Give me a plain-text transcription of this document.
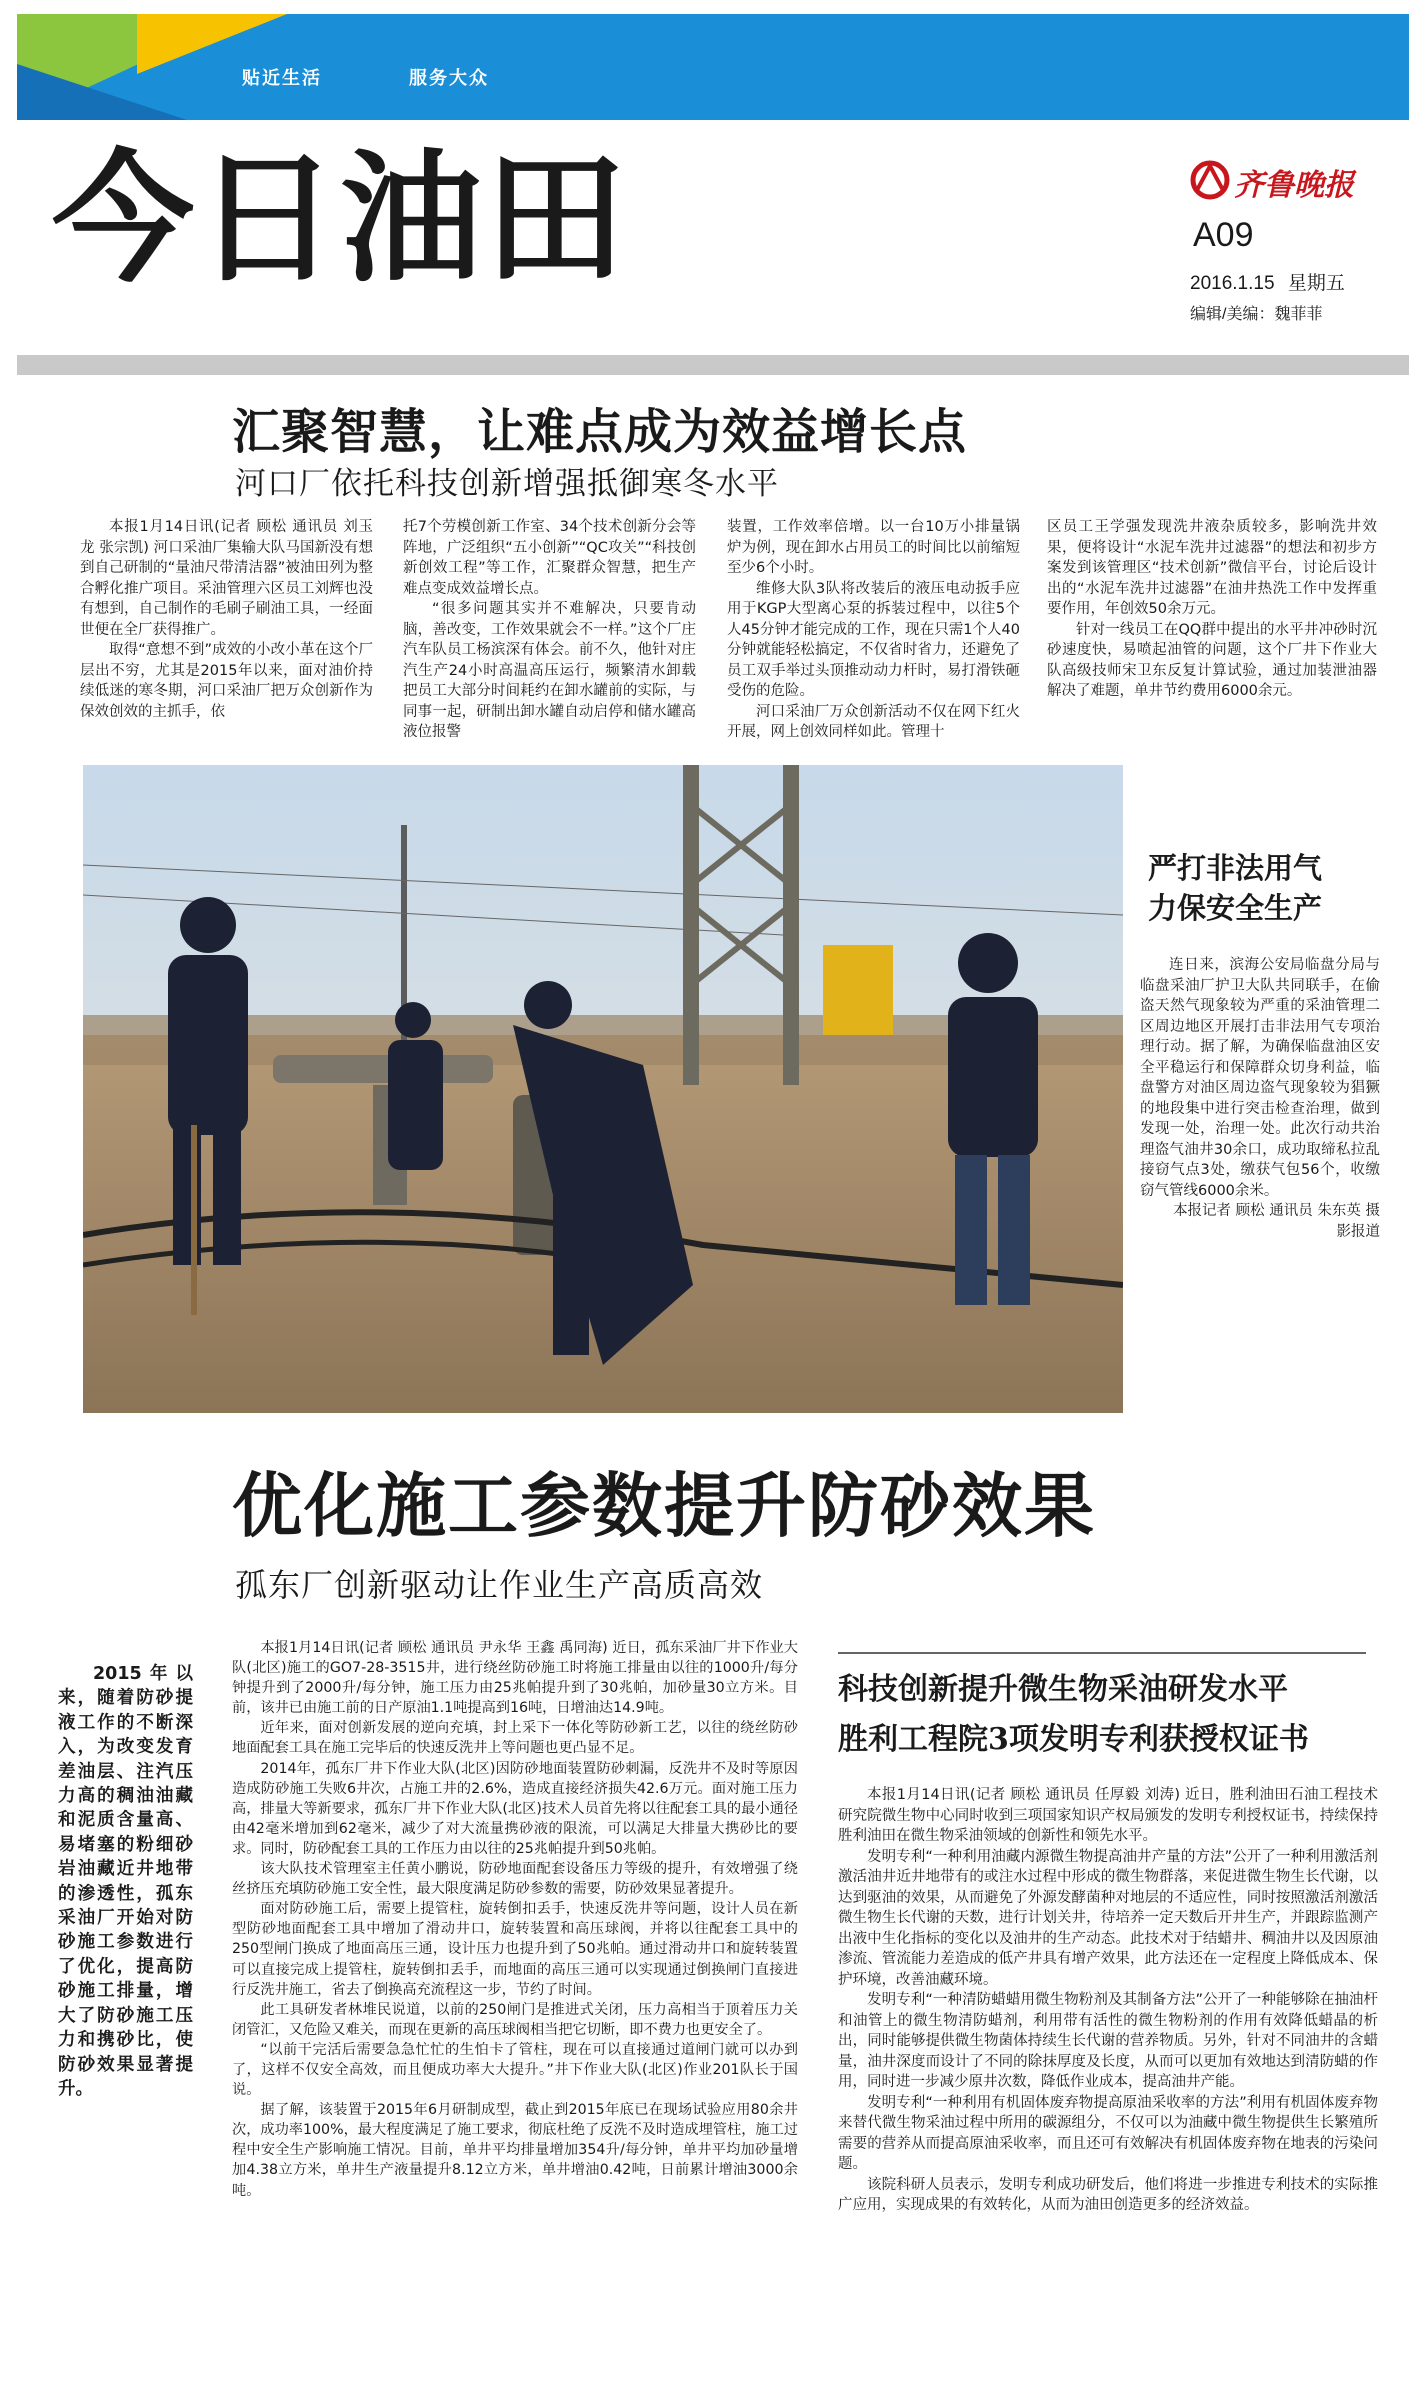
贴近生活	服务大众
今日油田	齐鲁晚报
A09
2016.1.15 星期五
编辑/美编：魏菲菲
汇聚智慧，让难点成为效益增长点
河口厂依托科技创新增强抵御寒冬水平

本报1月14日讯(记者 顾松 通讯员 刘玉龙 张宗凯) 河口采油厂集输大队马国新没有想到自己研制的“量油尺带清洁器”被油田列为整合孵化推广项目。采油管理六区员工刘辉也没有想到，自己制作的毛刷子刷油工具，一经面世便在全厂获得推广。

取得“意想不到”成效的小改小革在这个厂层出不穷，尤其是2015年以来，面对油价持续低迷的寒冬期，河口采油厂把万众创新作为保效创效的主抓手，依

托7个劳模创新工作室、34个技术创新分会等阵地，广泛组织“五小创新”“QC攻关”“科技创新创效工程”等工作，汇聚群众智慧，把生产难点变成效益增长点。

“很多问题其实并不难解决，只要肯动脑，善改变，工作效果就会不一样。”这个厂庄汽车队员工杨滨深有体会。前不久，他针对庄汽生产24小时高温高压运行，频繁清水卸载把员工大部分时间耗约在卸水罐前的实际，与同事一起，研制出卸水罐自动启停和储水罐高液位报警

装置，工作效率倍增。以一台10万小排量锅炉为例，现在卸水占用员工的时间比以前缩短至少6个小时。

维修大队3队将改装后的液压电动扳手应用于KGP大型离心泵的拆装过程中，以往5个人45分钟才能完成的工作，现在只需1个人40分钟就能轻松搞定，不仅省时省力，还避免了员工双手举过头顶推动动力杆时，易打滑铁砸受伤的危险。

河口采油厂万众创新活动不仅在网下红火开展，网上创效同样如此。管理十

区员工王学强发现洗井液杂质较多，影响洗井效果，便将设计“水泥车洗井过滤器”的想法和初步方案发到该管理区“技术创新”微信平台，讨论后设计出的“水泥车洗井过滤器”在油井热洗工作中发挥重要作用，年创效50余万元。

针对一线员工在QQ群中提出的水平井冲砂时沉砂速度快，易喷起油管的问题，这个厂井下作业大队高级技师宋卫东反复计算试验，通过加装泄油器解决了难题，单井节约费用6000余元。

严打非法用气
力保安全生产

连日来，滨海公安局临盘分局与临盘采油厂护卫大队共同联手，在偷盗天然气现象较为严重的采油管理二区周边地区开展打击非法用气专项治理行动。据了解，为确保临盘油区安全平稳运行和保障群众切身利益，临盘警方对油区周边盗气现象较为猖獗的地段集中进行突击检查治理，做到发现一处，治理一处。此次行动共治理盗气油井30余口，成功取缔私拉乱接窃气点3处，缴获气包56个，收缴窃气管线6000余米。

本报记者 顾松 通讯员 朱东英 摄影报道

优化施工参数提升防砂效果
孤东厂创新驱动让作业生产高质高效

2015年以来，随着防砂提液工作的不断深入，为改变发育差油层、注汽压力高的稠油油藏和泥质含量高、易堵塞的粉细砂岩油藏近井地带的渗透性，孤东采油厂开始对防砂施工参数进行了优化，提高防砂施工排量，增大了防砂施工压力和携砂比，使防砂效果显著提升。

本报1月14日讯(记者 顾松 通讯员 尹永华 王鑫 禹同海) 近日，孤东采油厂井下作业大队(北区)施工的GO7-28-3515井，进行绕丝防砂施工时将施工排量由以往的1000升/每分钟提升到了2000升/每分钟，施工压力由25兆帕提升到了30兆帕，加砂量30立方米。目前，该井已由施工前的日产原油1.1吨提高到16吨，日增油达14.9吨。

近年来，面对创新发展的逆向充填，封上采下一体化等防砂新工艺，以往的绕丝防砂地面配套工具在施工完毕后的快速反洗井上等问题也更凸显不足。

2014年，孤东厂井下作业大队(北区)因防砂地面装置防砂刺漏，反洗井不及时等原因造成防砂施工失败6井次，占施工井的2.6%，造成直接经济损失42.6万元。面对施工压力高，排量大等新要求，孤东厂井下作业大队(北区)技术人员首先将以往配套工具的最小通径由42毫米增加到62毫米，减少了对大流量携砂液的限流，可以满足大排量大携砂比的要求。同时，防砂配套工具的工作压力由以往的25兆帕提升到50兆帕。

该大队技术管理室主任黄小鹏说，防砂地面配套设备压力等级的提升，有效增强了绕丝挤压充填防砂施工安全性，最大限度满足防砂参数的需要，防砂效果显著提升。

面对防砂施工后，需要上提管柱，旋转倒扣丢手，快速反洗井等问题，设计人员在新型防砂地面配套工具中增加了滑动井口，旋转装置和高压球阀，并将以往配套工具中的250型闸门换成了地面高压三通，设计压力也提升到了50兆帕。通过滑动井口和旋转装置可以直接完成上提管柱，旋转倒扣丢手，而地面的高压三通可以实现通过倒换闸门直接进行反洗井施工，省去了倒换高充流程这一步，节约了时间。

此工具研发者林堆民说道，以前的250闸门是推进式关闭，压力高相当于顶着压力关闭管汇，又危险又难关，而现在更新的高压球阀相当把它切断，即不费力也更安全了。

“以前干完活后需要急急忙忙的生怕卡了管柱，现在可以直接通过道闸门就可以办到了，这样不仅安全高效，而且便成功率大大提升。”井下作业大队(北区)作业201队长于国说。

据了解，该装置于2015年6月研制成型，截止到2015年底已在现场试验应用80余井次，成功率100%，最大程度满足了施工要求，彻底杜绝了反洗不及时造成埋管柱，施工过程中安全生产影响施工情况。目前，单井平均排量增加354升/每分钟，单井平均加砂量增加4.38立方米，单井生产液量提升8.12立方米，单井增油0.42吨，日前累计增油3000余吨。

科技创新提升微生物采油研发水平
胜利工程院3项发明专利获授权证书

本报1月14日讯(记者 顾松 通讯员 任厚毅 刘涛) 近日，胜利油田石油工程技术研究院微生物中心同时收到三项国家知识产权局颁发的发明专利授权证书，持续保持胜利油田在微生物采油领域的创新性和领先水平。

发明专利“一种利用油藏内源微生物提高油井产量的方法”公开了一种利用激活剂激活油井近井地带有的或注水过程中形成的微生物群落，来促进微生物生长代谢，以达到驱油的效果，从而避免了外源发酵菌种对地层的不适应性，同时按照激活剂激活微生物生长代谢的天数，进行计划关井，待培养一定天数后开井生产，并跟踪监测产出液中生化指标的变化以及油井的生产动态。此技术对于结蜡井、稠油井以及因原油渗流、管流能力差造成的低产井具有增产效果，此方法还在一定程度上降低成本、保护环境，改善油藏环境。

发明专利“一种清防蜡蜡用微生物粉剂及其制备方法”公开了一种能够除在抽油杆和油管上的微生物清防蜡剂，利用带有活性的微生物粉剂的作用有效降低蜡晶的析出，同时能够提供微生物菌体持续生长代谢的营养物质。另外，针对不同油井的含蜡量，油井深度而设计了不同的除抹厚度及长度，从而可以更加有效地达到清防蜡的作用，同时进一步减少原井次数，降低作业成本，提高油井产能。

发明专利“一种利用有机固体废弃物提高原油采收率的方法”利用有机固体废弃物来替代微生物采油过程中所用的碳源组分，不仅可以为油藏中微生物提供生长繁殖所需要的营养从而提高原油采收率，而且还可有效解决有机固体废弃物在地表的污染问题。

该院科研人员表示，发明专利成功研发后，他们将进一步推进专利技术的实际推广应用，实现成果的有效转化，从而为油田创造更多的经济效益。
